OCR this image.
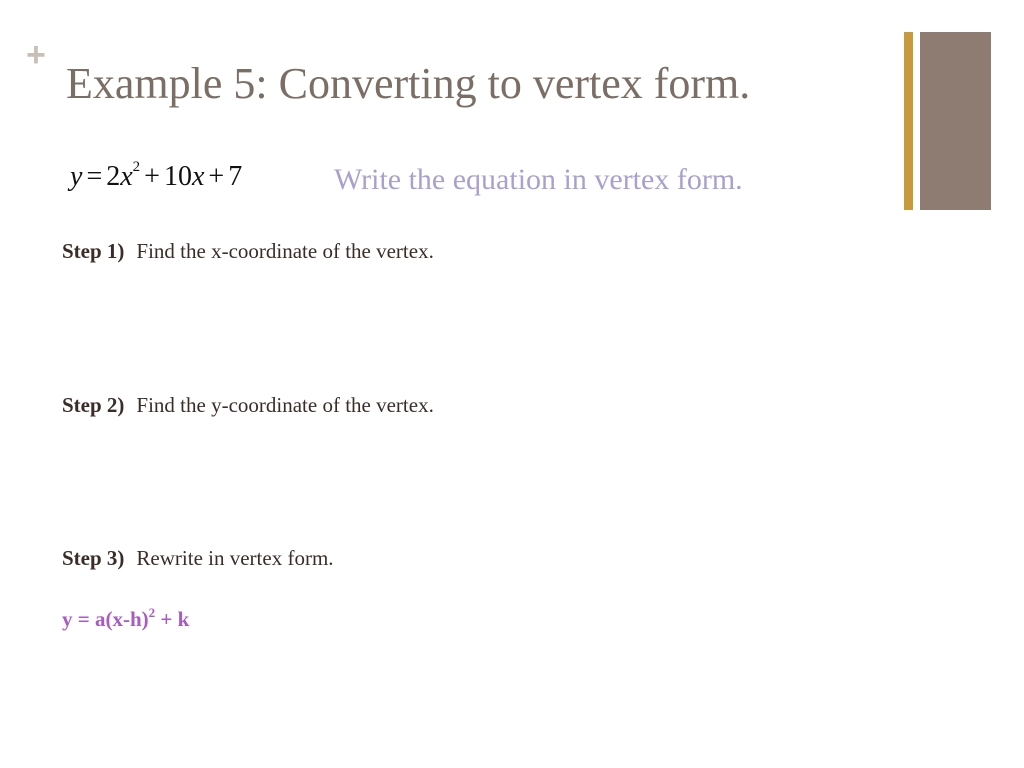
+
Example 5: Converting to vertex form.
$y = 2x^2 + 10x + 7$	Write the equation in vertex form.
Step 1) Find the x-coordinate of the vertex.
Step 2) Find the y-coordinate of the vertex.
Step 3) Rewrite in vertex form.
$y = a(x-h)^2 + k$
